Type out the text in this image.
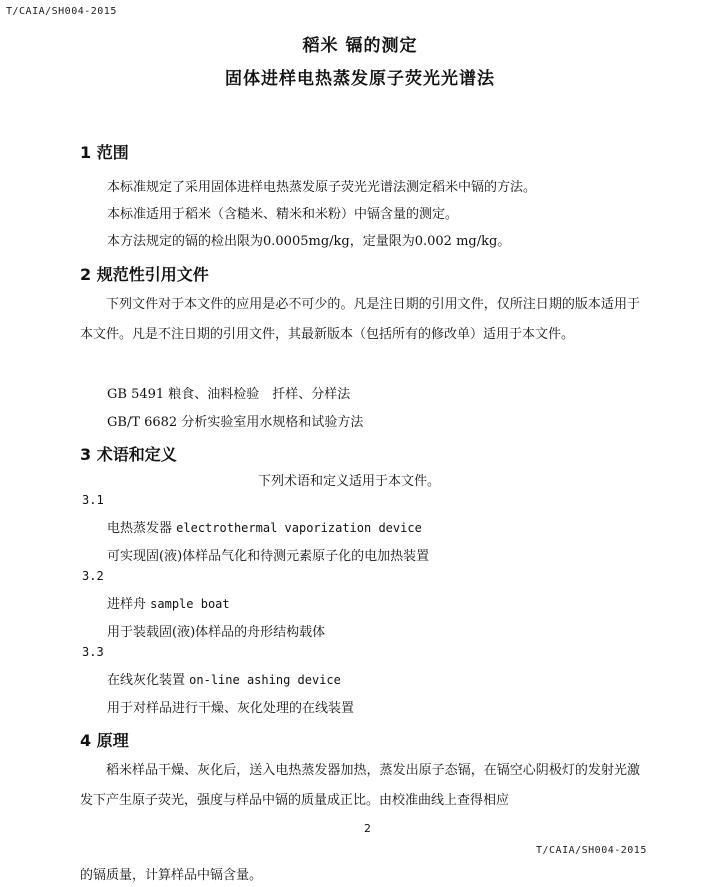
T/CAIA/SH004-2015
稻米 镉的测定
固体进样电热蒸发原子荧光光谱法
1 范围
本标准规定了采用固体进样电热蒸发原子荧光光谱法测定稻米中镉的方法。
本标准适用于稻米（含糙米、精米和米粉）中镉含量的测定。
本方法规定的镉的检出限为0.0005mg/kg，定量限为0.002 mg/kg。
2 规范性引用文件
下列文件对于本文件的应用是必不可少的。凡是注日期的引用文件，仅所注日期的版本适用于本文件。凡是不注日期的引用文件，其最新版本（包括所有的修改单）适用于本文件。
GB 5491 粮食、油料检验　扦样、分样法
GB/T 6682 分析实验室用水规格和试验方法
3 术语和定义
下列术语和定义适用于本文件。
3.1
电热蒸发器 electrothermal vaporization device
可实现固(液)体样品气化和待测元素原子化的电加热装置
3.2
进样舟 sample boat
用于装载固(液)体样品的舟形结构载体
3.3
在线灰化装置 on-line ashing device
用于对样品进行干燥、灰化处理的在线装置
4 原理
稻米样品干燥、灰化后，送入电热蒸发器加热，蒸发出原子态镉，在镉空心阴极灯的发射光激发下产生原子荧光，强度与样品中镉的质量成正比。由校准曲线上查得相应
2
T/CAIA/SH004-2015
的镉质量，计算样品中镉含量。
